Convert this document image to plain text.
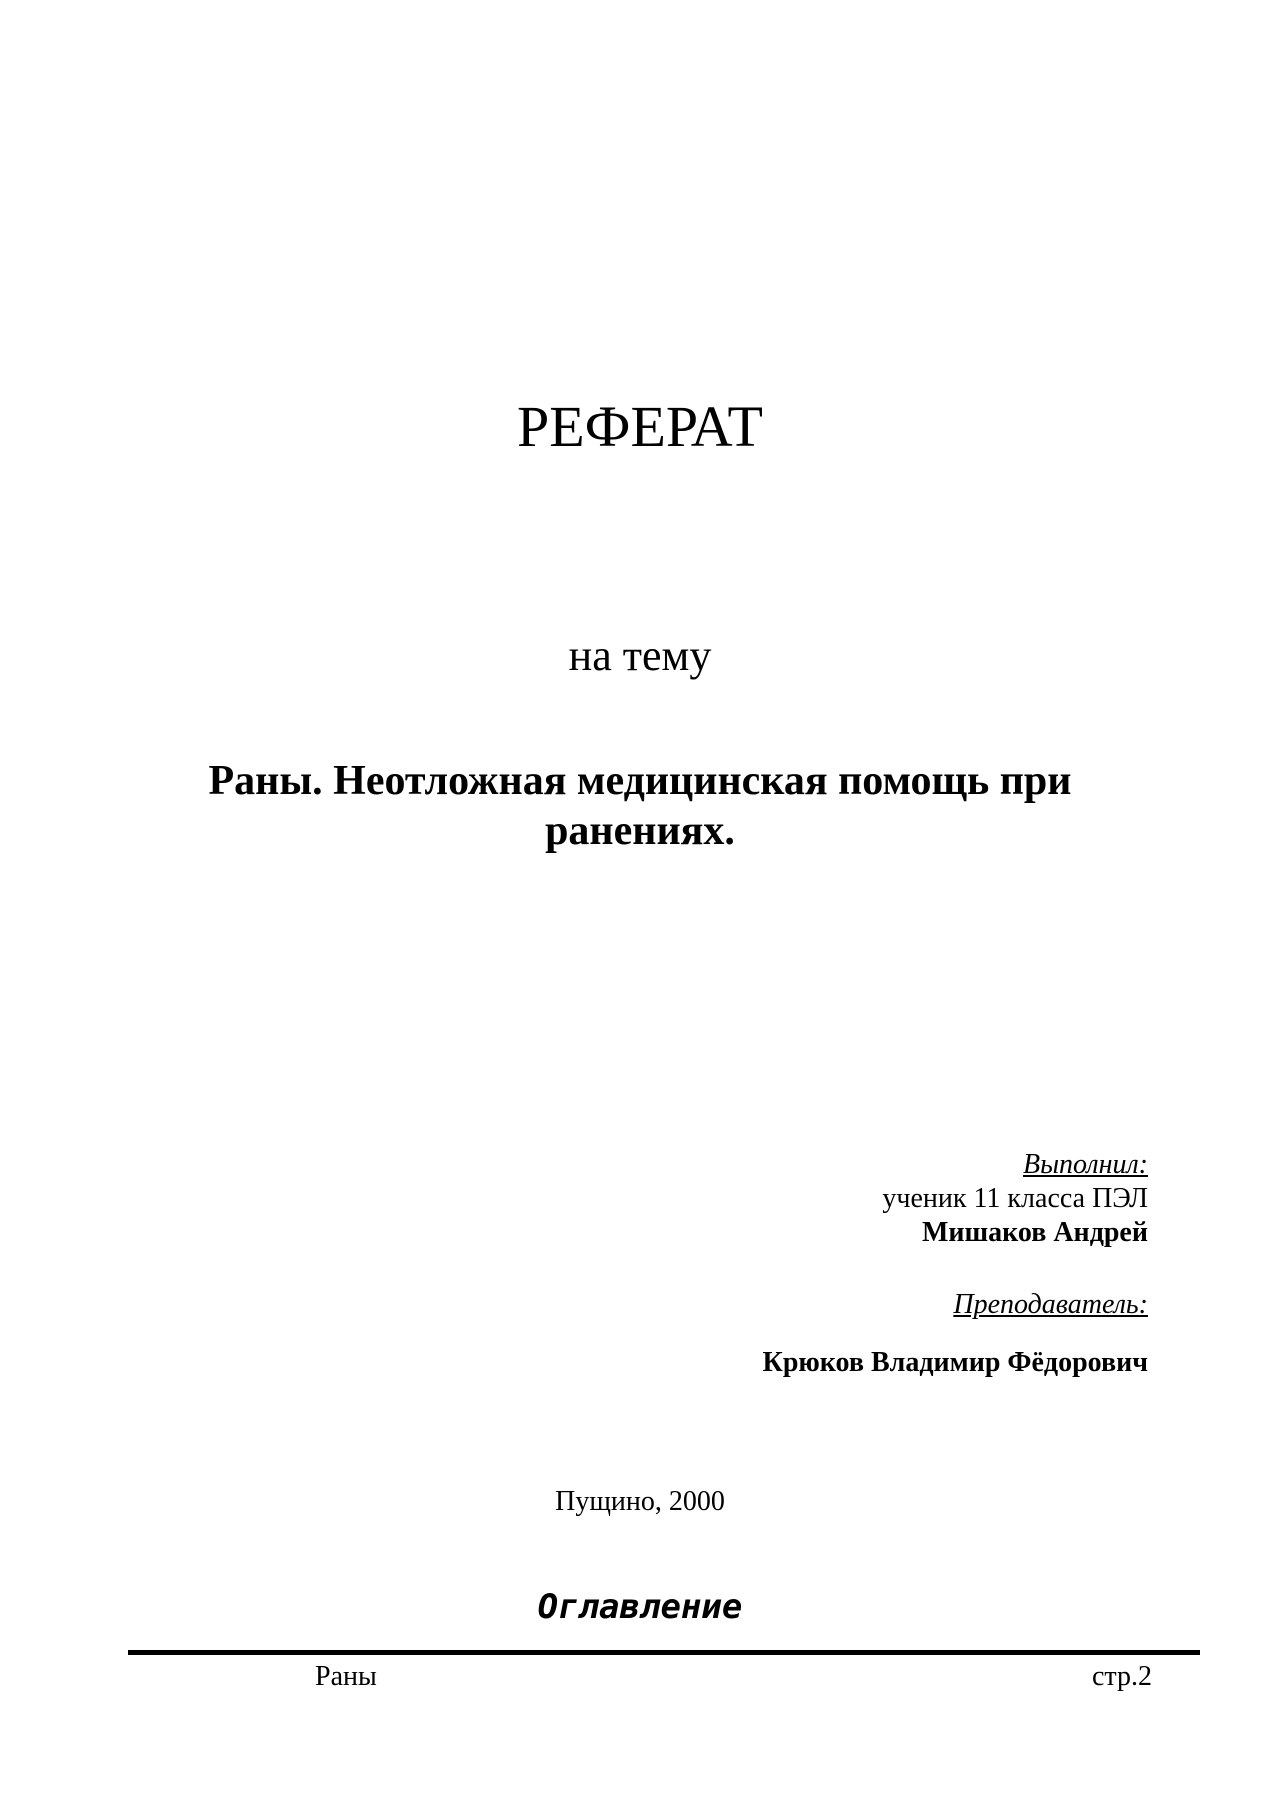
РЕФЕРАТ
на тему
Раны. Неотложная медицинская помощь при
ранениях.
Выполнил:
ученик 11 класса ПЭЛ
Мишаков Андрей
Преподаватель:
Крюков Владимир Фёдорович
Пущино, 2000
Оглавление
Раны	стр.2
